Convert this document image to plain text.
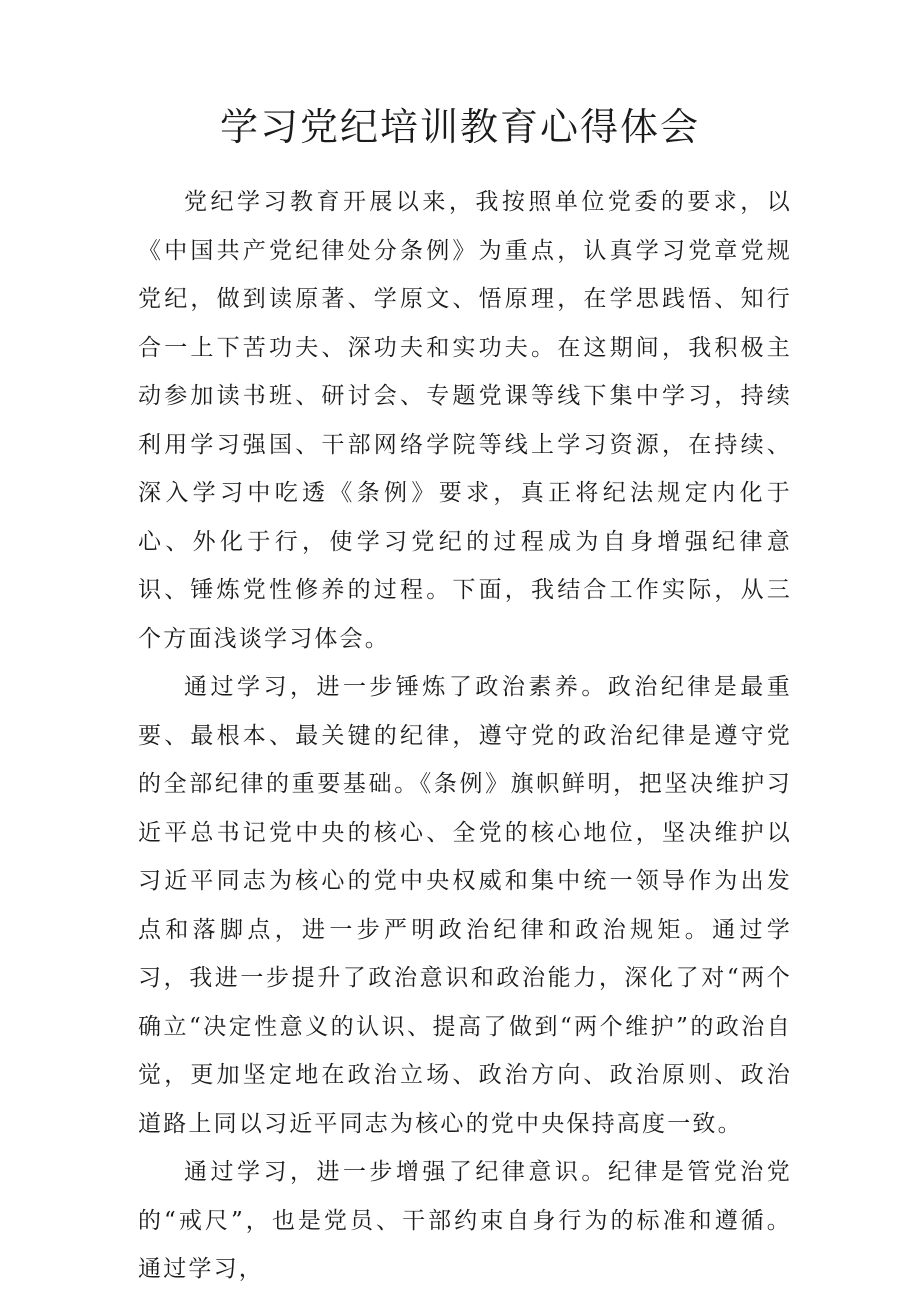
学习党纪培训教育心得体会

党纪学习教育开展以来，我按照单位党委的要求，以《中国共产党纪律处分条例》为重点，认真学习党章党规党纪，做到读原著、学原文、悟原理，在学思践悟、知行合一上下苦功夫、深功夫和实功夫。在这期间，我积极主动参加读书班、研讨会、专题党课等线下集中学习，持续利用学习强国、干部网络学院等线上学习资源，在持续、深入学习中吃透《条例》要求，真正将纪法规定内化于心、外化于行，使学习党纪的过程成为自身增强纪律意识、锤炼党性修养的过程。下面，我结合工作实际，从三个方面浅谈学习体会。

通过学习，进一步锤炼了政治素养。政治纪律是最重要、最根本、最关键的纪律，遵守党的政治纪律是遵守党的全部纪律的重要基础。《条例》旗帜鲜明，把坚决维护习近平总书记党中央的核心、全党的核心地位，坚决维护以习近平同志为核心的党中央权威和集中统一领导作为出发点和落脚点，进一步严明政治纪律和政治规矩。通过学习，我进一步提升了政治意识和政治能力，深化了对“两个确立“决定性意义的认识、提高了做到“两个维护”的政治自觉，更加坚定地在政治立场、政治方向、政治原则、政治道路上同以习近平同志为核心的党中央保持高度一致。

通过学习，进一步增强了纪律意识。纪律是管党治党的“戒尺”，也是党员、干部约束自身行为的标准和遵循。通过学习，
